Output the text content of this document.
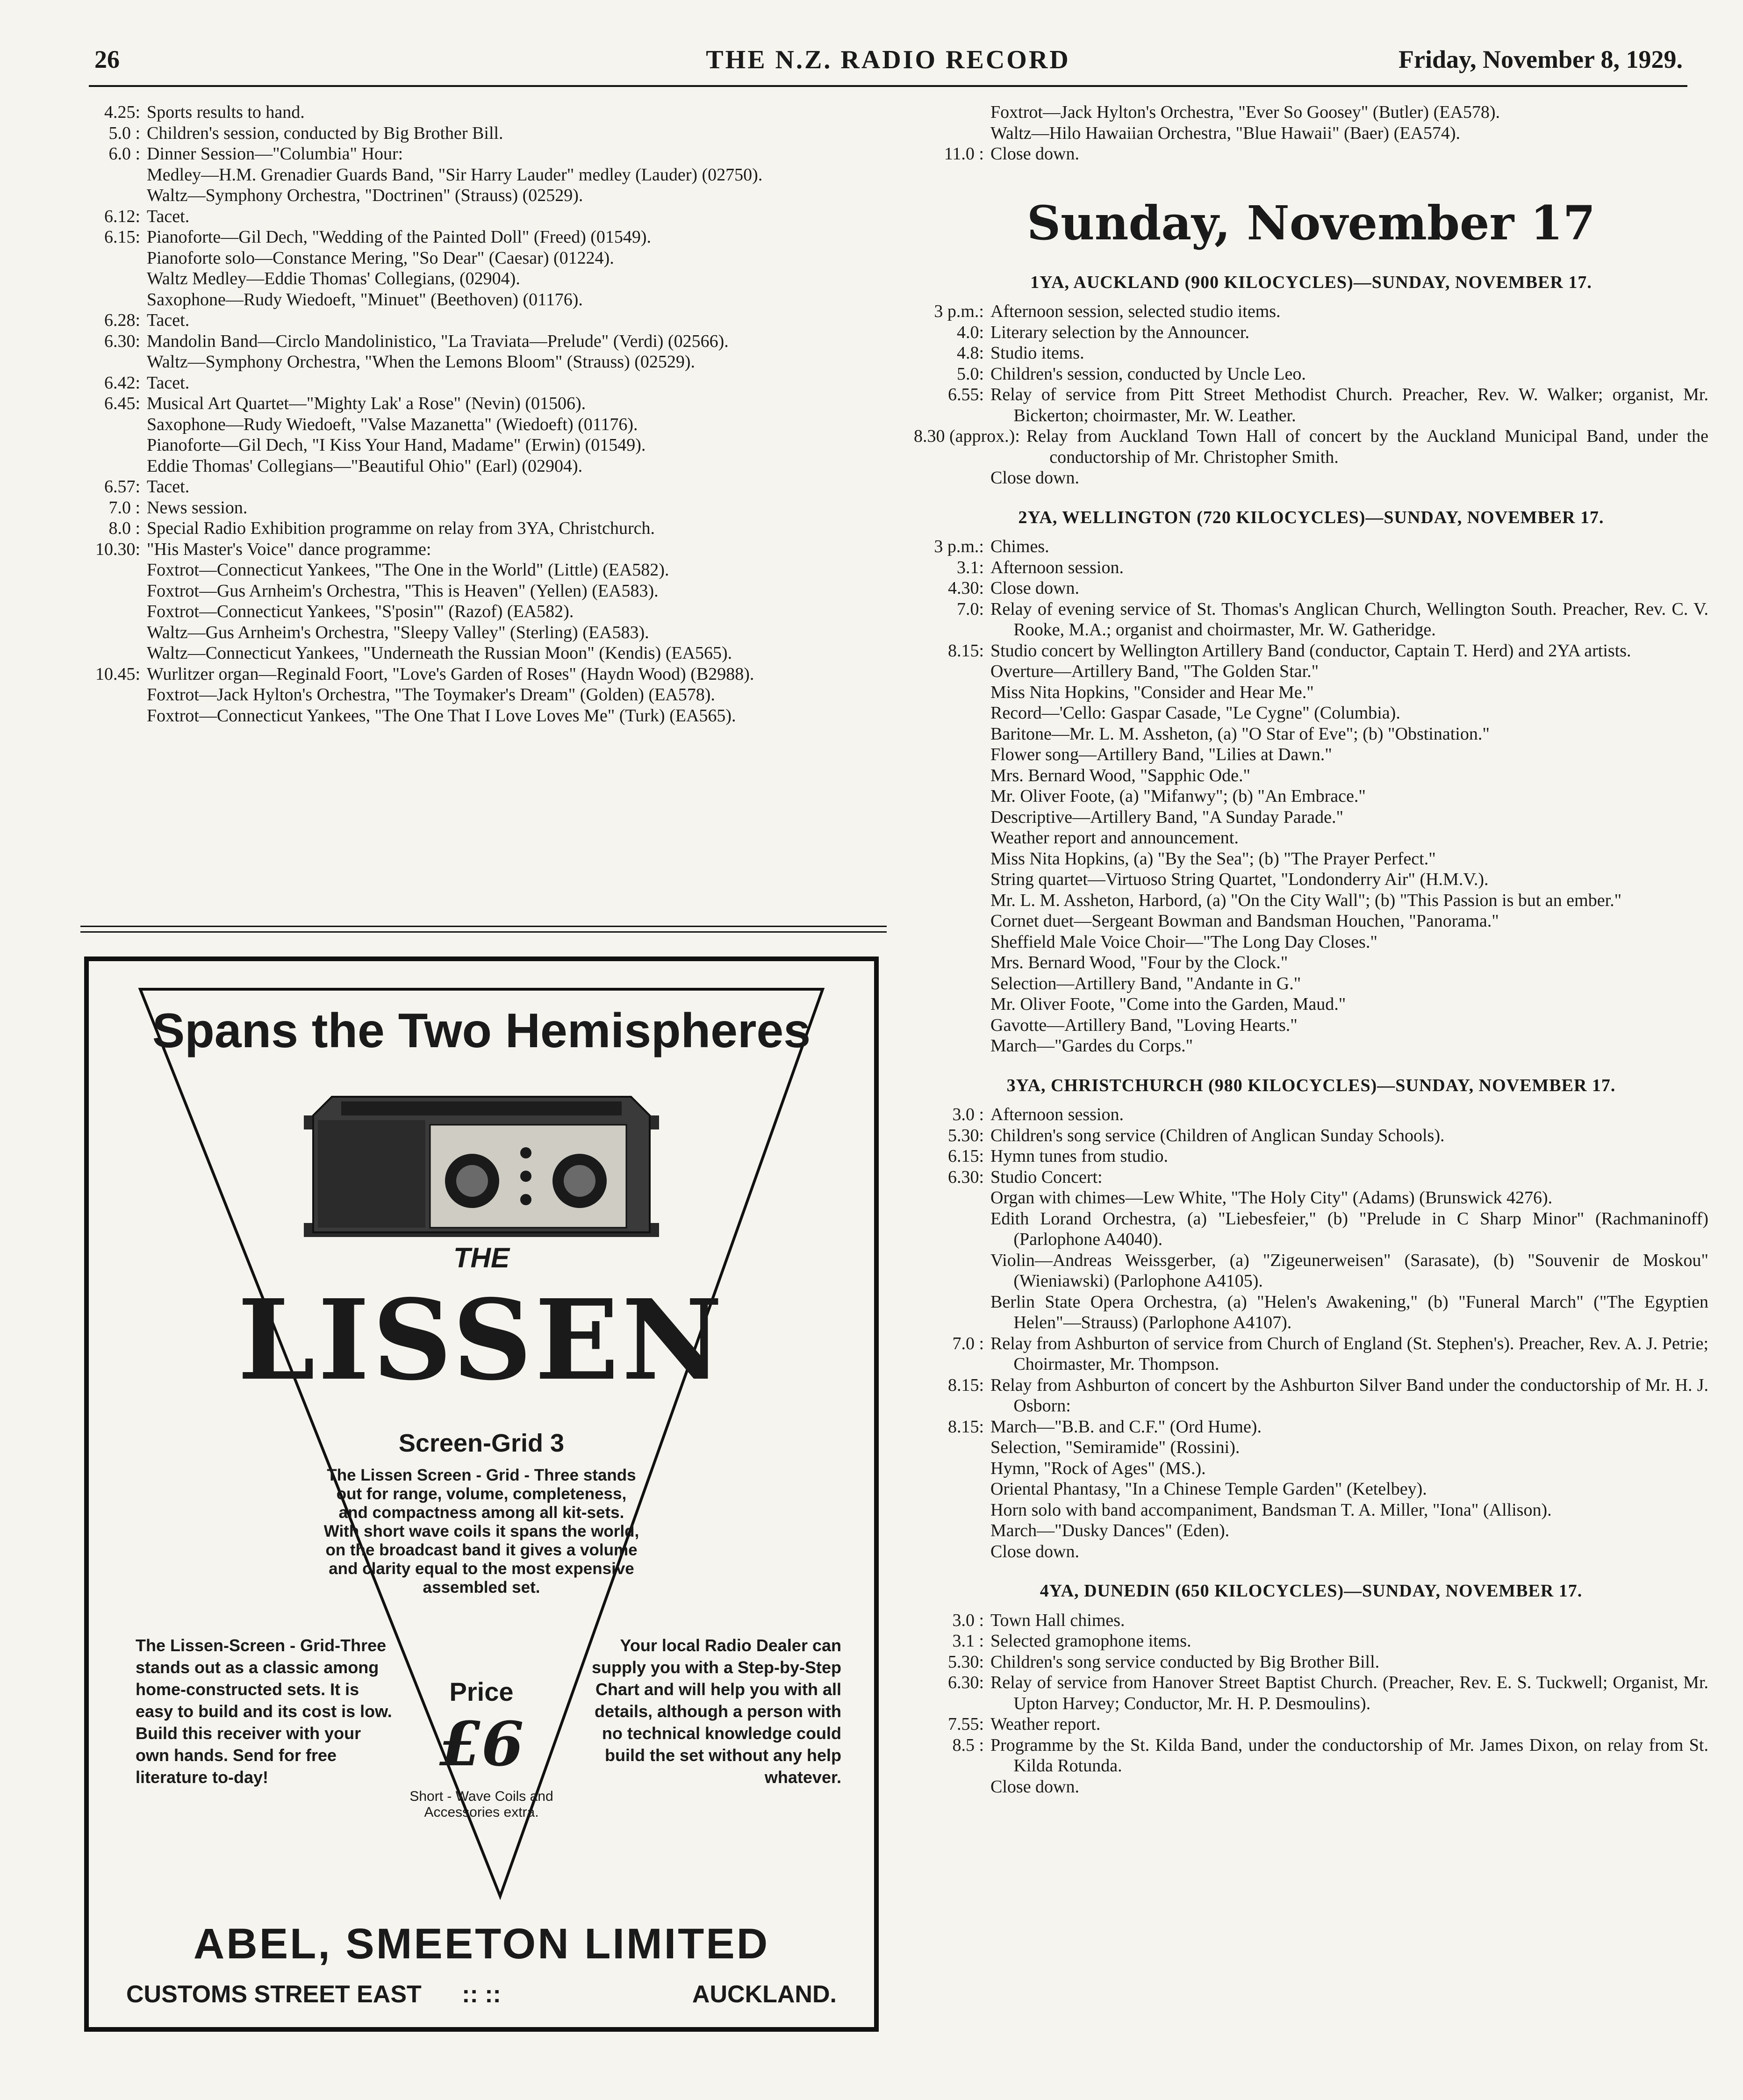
26	THE N.Z. RADIO RECORD	Friday, November 8, 1929.
4.25: Sports results to hand.
5.0 : Children's session, conducted by Big Brother Bill.
6.0 : Dinner Session—"Columbia" Hour:
Medley—H.M. Grenadier Guards Band, "Sir Harry Lauder" medley (Lauder) (02750).
Waltz—Symphony Orchestra, "Doctrinen" (Strauss) (02529).
6.12: Tacet.
6.15: Pianoforte—Gil Dech, "Wedding of the Painted Doll" (Freed) (01549).
Pianoforte solo—Constance Mering, "So Dear" (Caesar) (01224).
Waltz Medley—Eddie Thomas' Collegians, (02904).
Saxophone—Rudy Wiedoeft, "Minuet" (Beethoven) (01176).
6.28: Tacet.
6.30: Mandolin Band—Circlo Mandolinistico, "La Traviata—Prelude" (Verdi) (02566).
Waltz—Symphony Orchestra, "When the Lemons Bloom" (Strauss) (02529).
6.42: Tacet.
6.45: Musical Art Quartet—"Mighty Lak' a Rose" (Nevin) (01506).
Saxophone—Rudy Wiedoeft, "Valse Mazanetta" (Wiedoeft) (01176).
Pianoforte—Gil Dech, "I Kiss Your Hand, Madame" (Erwin) (01549).
Eddie Thomas' Collegians—"Beautiful Ohio" (Earl) (02904).
6.57: Tacet.
7.0 : News session.
8.0 : Special Radio Exhibition programme on relay from 3YA, Christchurch.
10.30: "His Master's Voice" dance programme:
Foxtrot—Connecticut Yankees, "The One in the World" (Little) (EA582).
Foxtrot—Gus Arnheim's Orchestra, "This is Heaven" (Yellen) (EA583).
Foxtrot—Connecticut Yankees, "S'posin'" (Razof) (EA582).
Waltz—Gus Arnheim's Orchestra, "Sleepy Valley" (Sterling) (EA583).
Waltz—Connecticut Yankees, "Underneath the Russian Moon" (Kendis) (EA565).
10.45: Wurlitzer organ—Reginald Foort, "Love's Garden of Roses" (Haydn Wood) (B2988).
Foxtrot—Jack Hylton's Orchestra, "The Toymaker's Dream" (Golden) (EA578).
Foxtrot—Connecticut Yankees, "The One That I Love Loves Me" (Turk) (EA565).
Foxtrot—Jack Hylton's Orchestra, "Ever So Goosey" (Butler) (EA578).
Waltz—Hilo Hawaiian Orchestra, "Blue Hawaii" (Baer) (EA574).
11.0 : Close down.
Sunday, November 17
1YA, AUCKLAND (900 KILOCYCLES)—SUNDAY, NOVEMBER 17.
3 p.m.: Afternoon session, selected studio items.
4.0: Literary selection by the Announcer.
4.8: Studio items.
5.0: Children's session, conducted by Uncle Leo.
6.55: Relay of service from Pitt Street Methodist Church. Preacher, Rev. W. Walker; organist, Mr. Bickerton; choirmaster, Mr. W. Leather.
8.30 (approx.): Relay from Auckland Town Hall of concert by the Auckland Municipal Band, under the conductorship of Mr. Christopher Smith.
Close down.
2YA, WELLINGTON (720 KILOCYCLES)—SUNDAY, NOVEMBER 17.
3 p.m.: Chimes.
3.1: Afternoon session.
4.30: Close down.
7.0: Relay of evening service of St. Thomas's Anglican Church, Wellington South. Preacher, Rev. C. V. Rooke, M.A.; organist and choirmaster, Mr. W. Gatheridge.
8.15: Studio concert by Wellington Artillery Band (conductor, Captain T. Herd) and 2YA artists.
Overture—Artillery Band, "The Golden Star."
Miss Nita Hopkins, "Consider and Hear Me."
Record—'Cello: Gaspar Casade, "Le Cygne" (Columbia).
Baritone—Mr. L. M. Assheton, (a) "O Star of Eve"; (b) "Obstination."
Flower song—Artillery Band, "Lilies at Dawn."
Mrs. Bernard Wood, "Sapphic Ode."
Mr. Oliver Foote, (a) "Mifanwy"; (b) "An Embrace."
Descriptive—Artillery Band, "A Sunday Parade."
Weather report and announcement.
Miss Nita Hopkins, (a) "By the Sea"; (b) "The Prayer Perfect."
String quartet—Virtuoso String Quartet, "Londonderry Air" (H.M.V.).
Mr. L. M. Assheton, Harbord, (a) "On the City Wall"; (b) "This Passion is but an ember."
Cornet duet—Sergeant Bowman and Bandsman Houchen, "Panorama."
Sheffield Male Voice Choir—"The Long Day Closes."
Mrs. Bernard Wood, "Four by the Clock."
Selection—Artillery Band, "Andante in G."
Mr. Oliver Foote, "Come into the Garden, Maud."
Gavotte—Artillery Band, "Loving Hearts."
March—"Gardes du Corps."
3YA, CHRISTCHURCH (980 KILOCYCLES)—SUNDAY, NOVEMBER 17.
3.0 : Afternoon session.
5.30: Children's song service (Children of Anglican Sunday Schools).
6.15: Hymn tunes from studio.
6.30: Studio Concert:
Organ with chimes—Lew White, "The Holy City" (Adams) (Brunswick 4276).
Edith Lorand Orchestra, (a) "Liebesfeier," (b) "Prelude in C Sharp Minor" (Rachmaninoff) (Parlophone A4040).
Violin—Andreas Weissgerber, (a) "Zigeunerweisen" (Sarasate), (b) "Souvenir de Moskou" (Wieniawski) (Parlophone A4105).
Berlin State Opera Orchestra, (a) "Helen's Awakening," (b) "Funeral March" ("The Egyptien Helen"—Strauss) (Parlophone A4107).
7.0 : Relay from Ashburton of service from Church of England (St. Stephen's). Preacher, Rev. A. J. Petrie; Choirmaster, Mr. Thompson.
8.15: Relay from Ashburton of concert by the Ashburton Silver Band under the conductorship of Mr. H. J. Osborn:
8.15: March—"B.B. and C.F." (Ord Hume).
Selection, "Semiramide" (Rossini).
Hymn, "Rock of Ages" (MS.).
Oriental Phantasy, "In a Chinese Temple Garden" (Ketelbey).
Horn solo with band accompaniment, Bandsman T. A. Miller, "Iona" (Allison).
March—"Dusky Dances" (Eden).
Close down.
4YA, DUNEDIN (650 KILOCYCLES)—SUNDAY, NOVEMBER 17.
3.0 : Town Hall chimes.
3.1 : Selected gramophone items.
5.30: Children's song service conducted by Big Brother Bill.
6.30: Relay of service from Hanover Street Baptist Church. (Preacher, Rev. E. S. Tuckwell; Organist, Mr. Upton Harvey; Conductor, Mr. H. P. Desmoulins).
7.55: Weather report.
8.5 : Programme by the St. Kilda Band, under the conductorship of Mr. James Dixon, on relay from St. Kilda Rotunda.
Close down.
Spans the Two Hemispheres
THE
LISSEN
Screen-Grid 3
The Lissen Screen - Grid - Three stands out for range, volume, completeness, and compactness among all kit-sets. With short wave coils it spans the world, on the broadcast band it gives a volume and clarity equal to the most expensive assembled set.
Price
£6
Short - Wave Coils and Accessories extra.
The Lissen-Screen - Grid-Three stands out as a classic among home-constructed sets. It is easy to build and its cost is low. Build this receiver with your own hands. Send for free literature to-day!
Your local Radio Dealer can supply you with a Step-by-Step Chart and will help you with all details, although a person with no technical knowledge could build the set without any help whatever.
ABEL, SMEETON LIMITED
CUSTOMS STREET EAST	:: ::	AUCKLAND.
